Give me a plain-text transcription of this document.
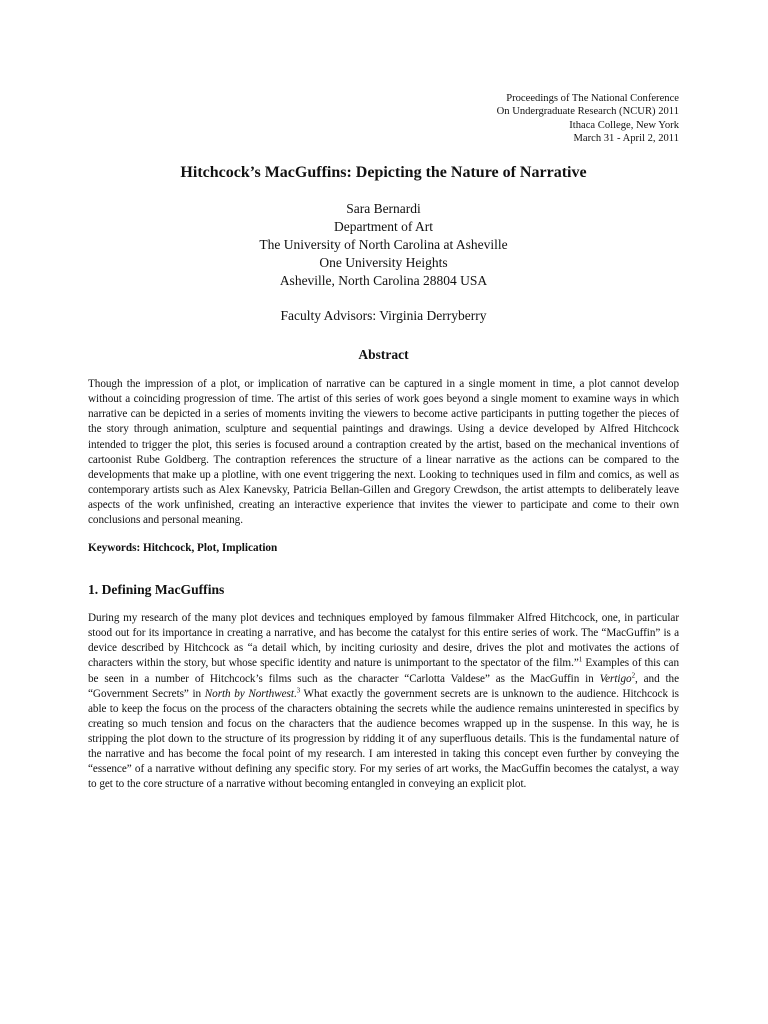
Proceedings of The National Conference
On Undergraduate Research (NCUR) 2011
Ithaca College, New York
March 31 - April 2, 2011
Hitchcock’s MacGuffins: Depicting the Nature of Narrative
Sara Bernardi
Department of Art
The University of North Carolina at Asheville
One University Heights
Asheville, North Carolina 28804 USA
Faculty Advisors: Virginia Derryberry
Abstract

Though the impression of a plot, or implication of narrative can be captured in a single moment in time, a plot cannot develop without a coinciding progression of time. The artist of this series of work goes beyond a single moment to examine ways in which narrative can be depicted in a series of moments inviting the viewers to become active participants in putting together the pieces of the story through animation, sculpture and sequential paintings and drawings. Using a device developed by Alfred Hitchcock intended to trigger the plot, this series is focused around a contraption created by the artist, based on the mechanical inventions of cartoonist Rube Goldberg. The contraption references the structure of a linear narrative as the actions can be compared to the developments that make up a plotline, with one event triggering the next. Looking to techniques used in film and comics, as well as contemporary artists such as Alex Kanevsky, Patricia Bellan-Gillen and Gregory Crewdson, the artist attempts to deliberately leave aspects of the work unfinished, creating an interactive experience that invites the viewer to participate and come to their own conclusions and personal meaning.

Keywords: Hitchcock, Plot, Implication
1. Defining MacGuffins

During my research of the many plot devices and techniques employed by famous filmmaker Alfred Hitchcock, one, in particular stood out for its importance in creating a narrative, and has become the catalyst for this entire series of work. The “MacGuffin” is a device described by Hitchcock as “a detail which, by inciting curiosity and desire, drives the plot and motivates the actions of characters within the story, but whose specific identity and nature is unimportant to the spectator of the film.”$^1$ Examples of this can be seen in a number of Hitchcock’s films such as the character “Carlotta Valdese” as the MacGuffin in Vertigo$^2$, and the “Government Secrets” in North by Northwest.$^3$ What exactly the government secrets are is unknown to the audience. Hitchcock is able to keep the focus on the process of the characters obtaining the secrets while the audience remains uninterested in specifics by creating so much tension and focus on the characters that the audience becomes wrapped up in the suspense. In this way, he is stripping the plot down to the structure of its progression by ridding it of any superfluous details. This is the fundamental nature of the narrative and has become the focal point of my research. I am interested in taking this concept even further by conveying the “essence” of a narrative without defining any specific story. For my series of art works, the MacGuffin becomes the catalyst, a way to get to the core structure of a narrative without becoming entangled in conveying an explicit plot.
